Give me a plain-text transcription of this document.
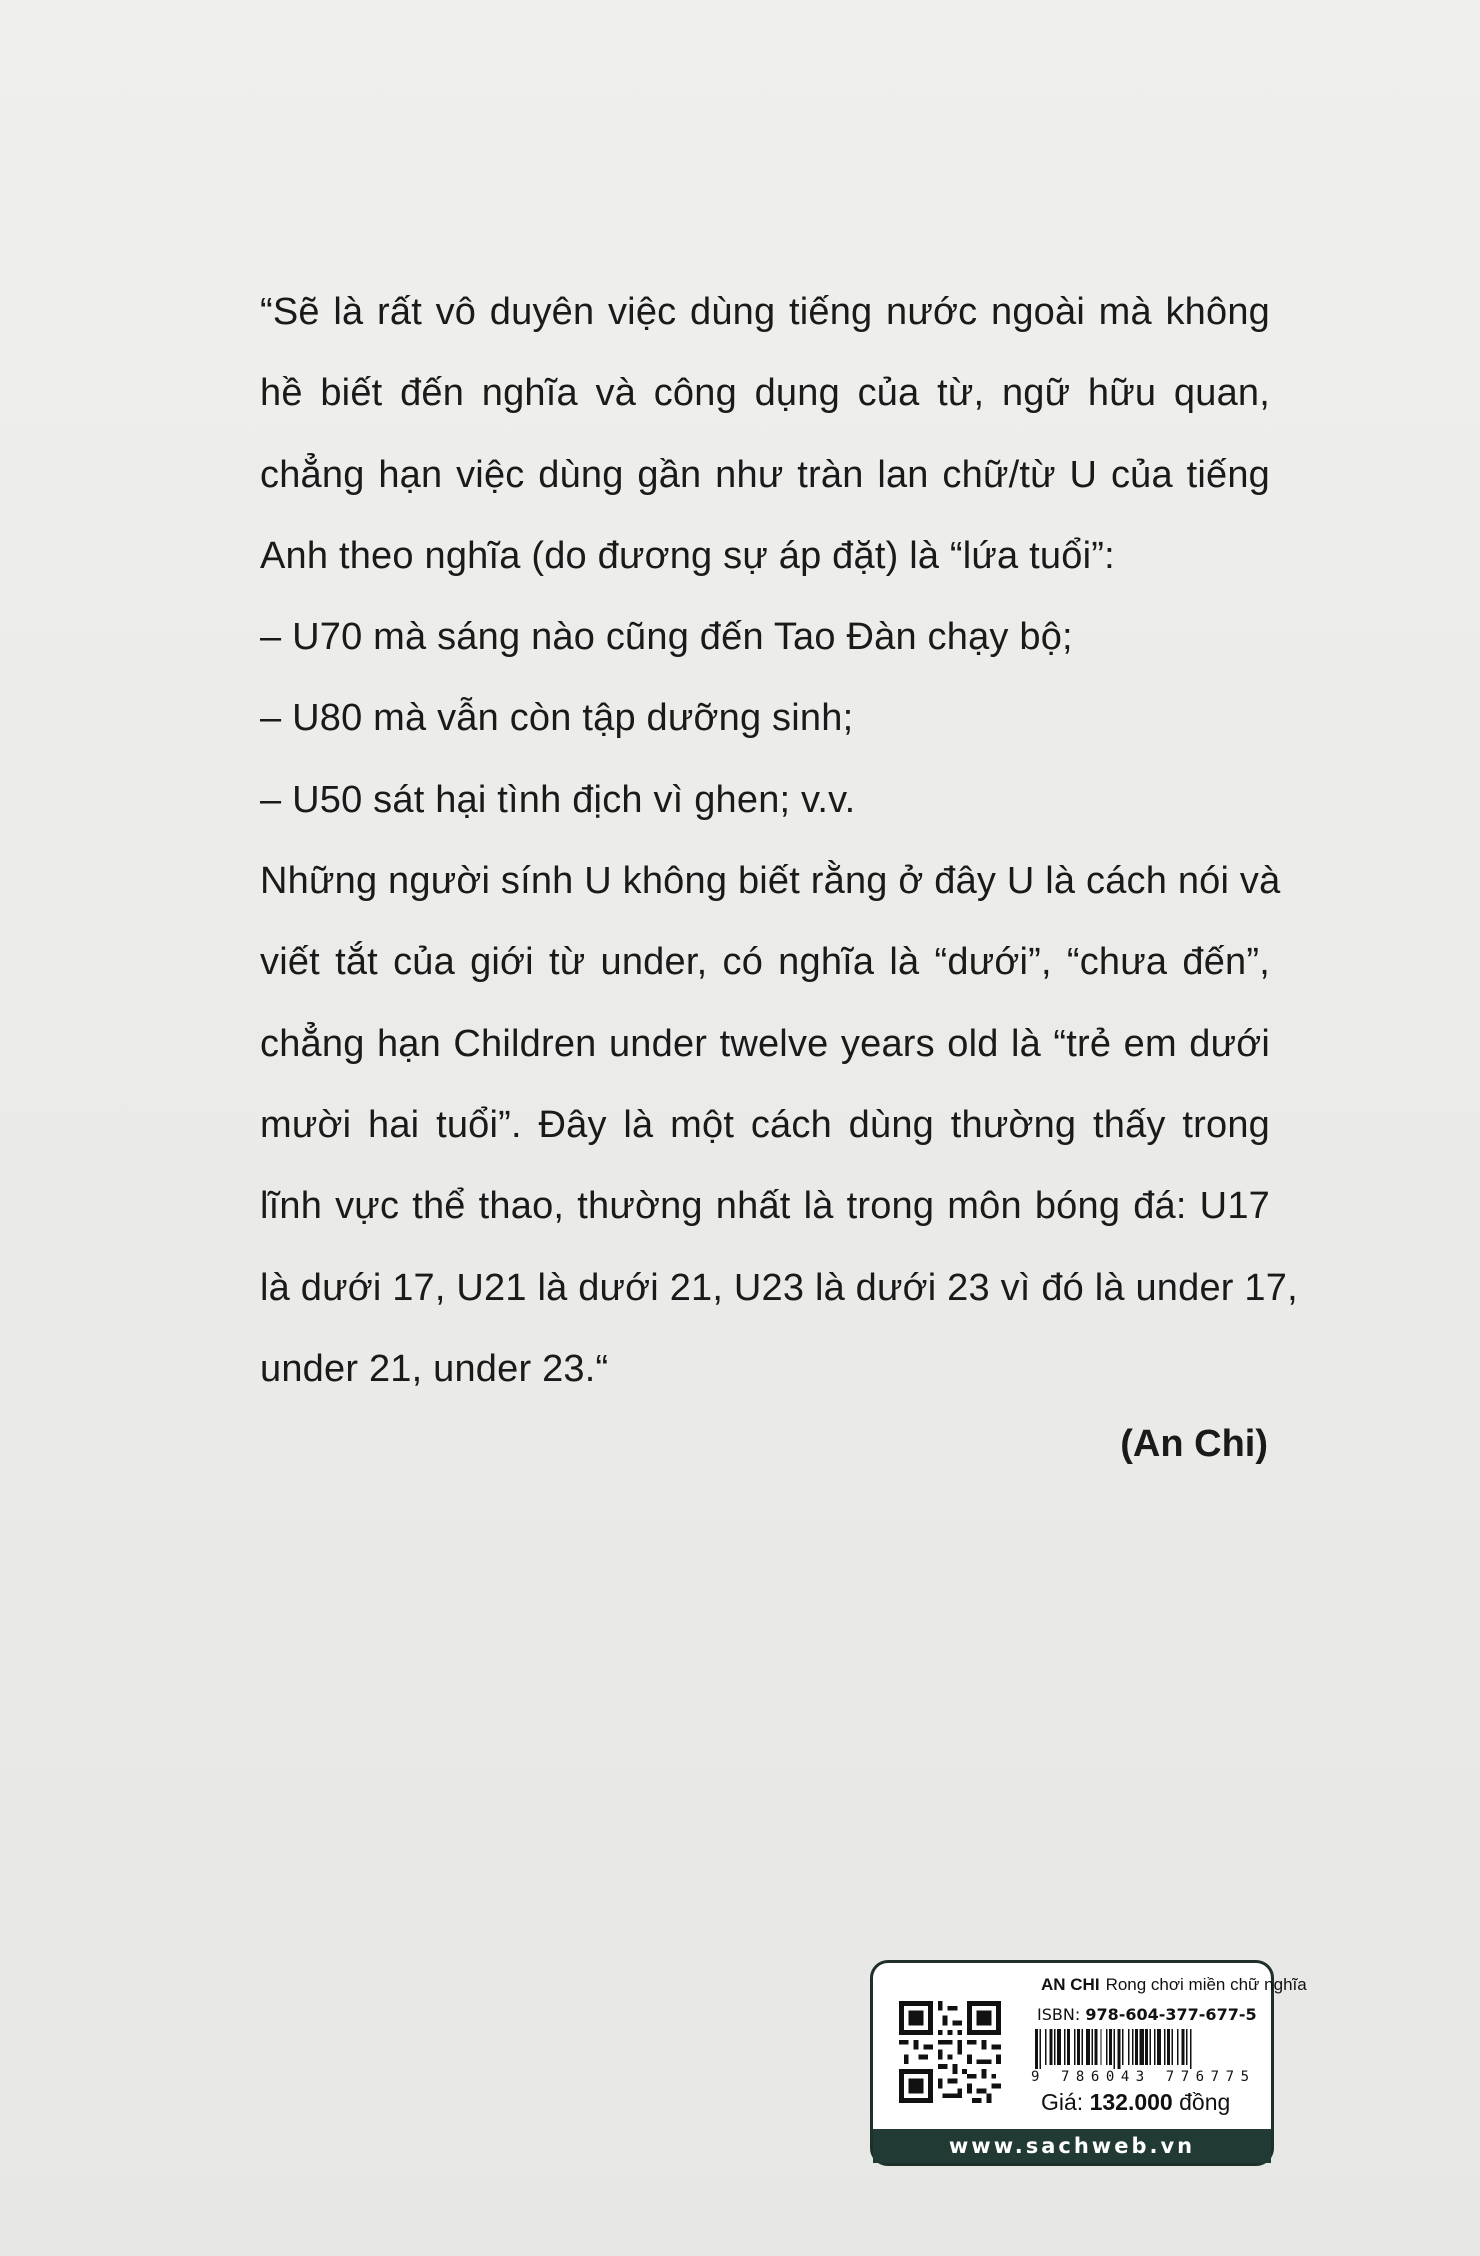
“Sẽ là rất vô duyên việc dùng tiếng nước ngoài mà không
hề biết đến nghĩa và công dụng của từ, ngữ hữu quan,
chẳng hạn việc dùng gần như tràn lan chữ/từ U của tiếng
Anh theo nghĩa (do đương sự áp đặt) là “lứa tuổi”:
– U70 mà sáng nào cũng đến Tao Đàn chạy bộ;
– U80 mà vẫn còn tập dưỡng sinh;
– U50 sát hại tình địch vì ghen; v.v.
Những người sính U không biết rằng ở đây U là cách nói và
viết tắt của giới từ under, có nghĩa là “dưới”, “chưa đến”,
chẳng hạn Children under twelve years old là “trẻ em dưới
mười hai tuổi”. Đây là một cách dùng thường thấy trong
lĩnh vực thể thao, thường nhất là trong môn bóng đá: U17
là dưới 17, U21 là dưới 21, U23 là dưới 23 vì đó là under 17,
under 21, under 23.“
(An Chi)
AN CHI Rong chơi miền chữ nghĩa
ISBN: 978-604-377-677-5
9 786043 776775
Giá: 132.000 đồng
www.sachweb.vn
